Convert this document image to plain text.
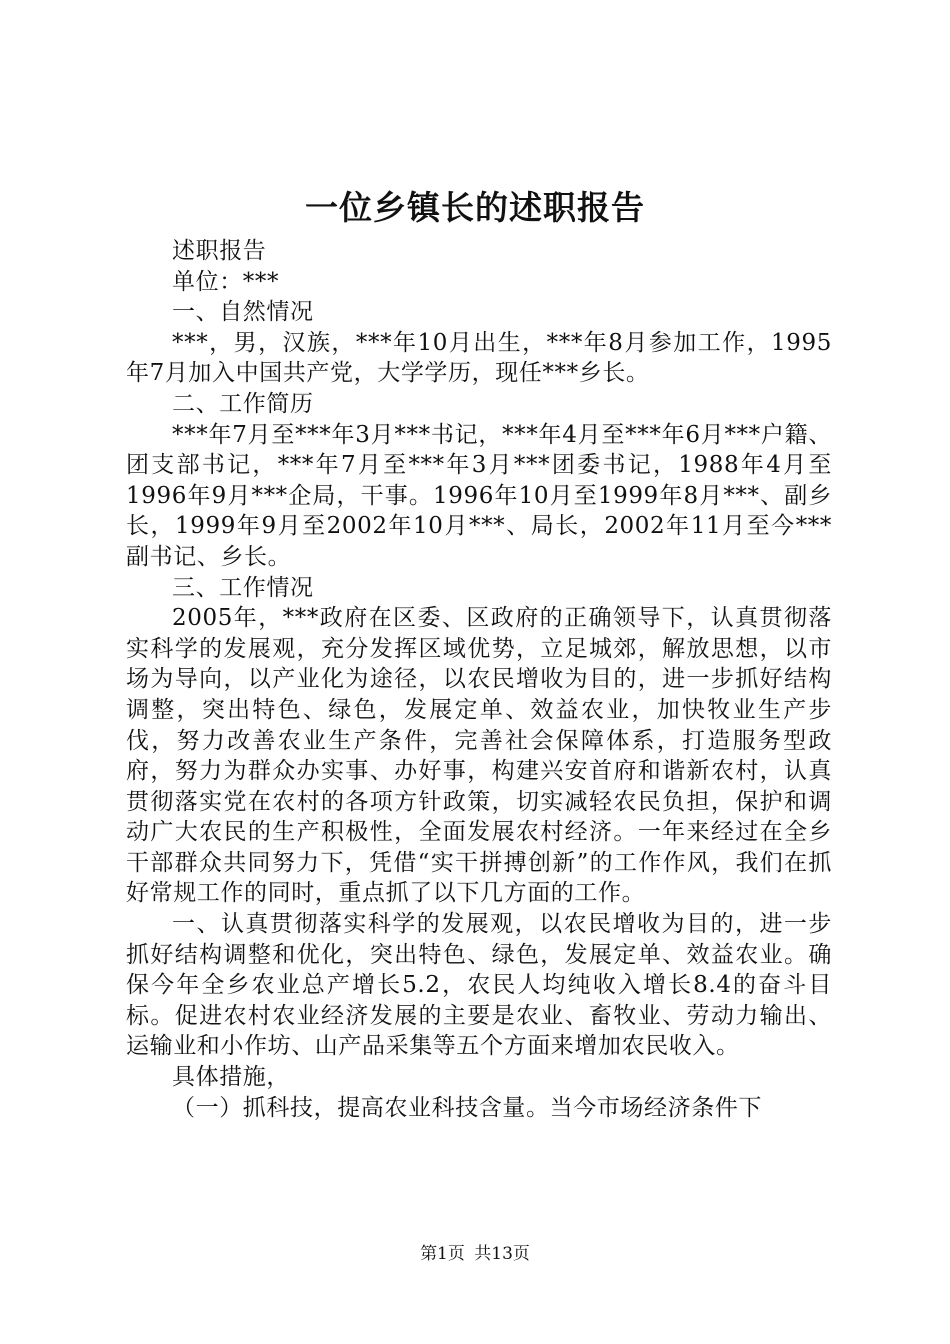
一位乡镇长的述职报告

述职报告

单位：***

一、自然情况

***，男，汉族，***年10月出生，***年8月参加工作，1995年7月加入中国共产党，大学学历，现任***乡长。

二、工作简历

***年7月至***年3月***书记，***年4月至***年6月***户籍、团支部书记，***年7月至***年3月***团委书记，1988年4月至1996年9月***企局，干事。1996年10月至1999年8月***、副乡长，1999年9月至2002年10月***、局长，2002年11月至今***副书记、乡长。

三、工作情况

2005年，***政府在区委、区政府的正确领导下，认真贯彻落实科学的发展观，充分发挥区域优势，立足城郊，解放思想，以市场为导向，以产业化为途径，以农民增收为目的，进一步抓好结构调整，突出特色、绿色，发展定单、效益农业，加快牧业生产步伐，努力改善农业生产条件，完善社会保障体系，打造服务型政府，努力为群众办实事、办好事，构建兴安首府和谐新农村，认真贯彻落实党在农村的各项方针政策，切实减轻农民负担，保护和调动广大农民的生产积极性，全面发展农村经济。一年来经过在全乡干部群众共同努力下，凭借“实干拼搏创新”的工作作风，我们在抓好常规工作的同时，重点抓了以下几方面的工作。

一、认真贯彻落实科学的发展观，以农民增收为目的，进一步抓好结构调整和优化，突出特色、绿色，发展定单、效益农业。确保今年全乡农业总产增长5.2，农民人均纯收入增长8.4的奋斗目标。促进农村农业经济发展的主要是农业、畜牧业、劳动力输出、运输业和小作坊、山产品采集等五个方面来增加农民收入。

具体措施，

（一）抓科技，提高农业科技含量。当今市场经济条件下

第1页 共13页
